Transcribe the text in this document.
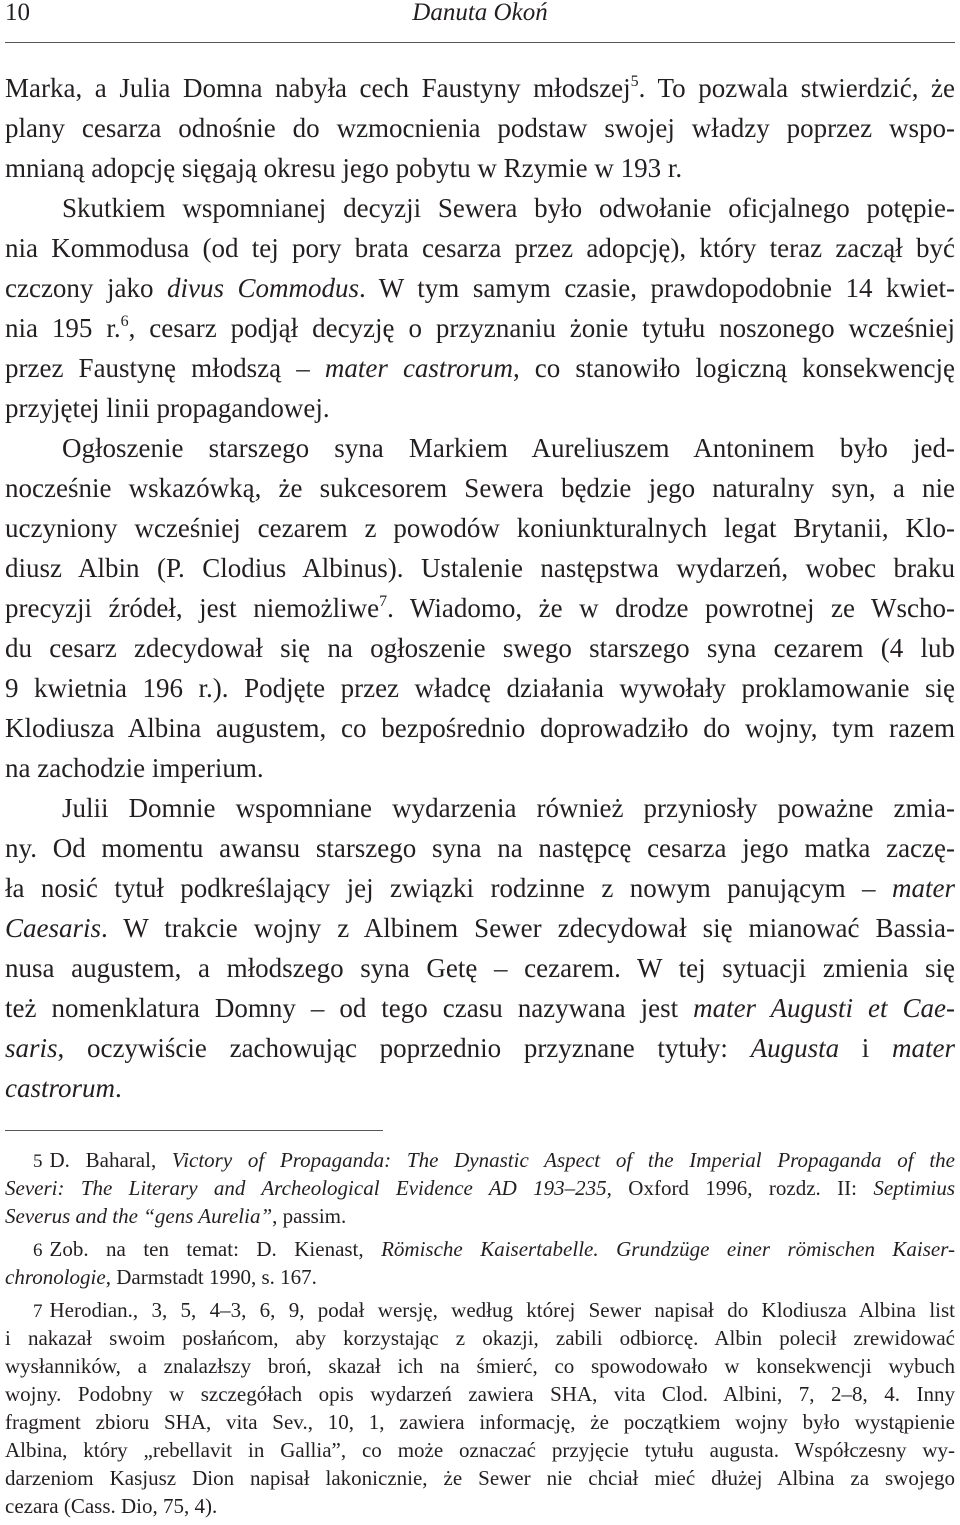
10	Danuta Okoń
Marka, a Julia Domna nabyła cech Faustyny młodszej$^5$. To pozwala stwierdzić, że
plany cesarza odnośnie do wzmocnienia podstaw swojej władzy poprzez wspo-
mnianą adopcję sięgają okresu jego pobytu w Rzymie w 193 r.
Skutkiem wspomnianej decyzji Sewera było odwołanie oficjalnego potępie-
nia Kommodusa (od tej pory brata cesarza przez adopcję), który teraz zaczął być
czczony jako divus Commodus. W tym samym czasie, prawdopodobnie 14 kwiet-
nia 195 r.$^6$, cesarz podjął decyzję o przyznaniu żonie tytułu noszonego wcześniej
przez Faustynę młodszą – mater castrorum, co stanowiło logiczną konsekwencję
przyjętej linii propagandowej.
Ogłoszenie starszego syna Markiem Aureliuszem Antoninem było jed-
nocześnie wskazówką, że sukcesorem Sewera będzie jego naturalny syn, a nie
uczyniony wcześniej cezarem z powodów koniunkturalnych legat Brytanii, Klo-
diusz Albin (P. Clodius Albinus). Ustalenie następstwa wydarzeń, wobec braku
precyzji źródeł, jest niemożliwe$^7$. Wiadomo, że w drodze powrotnej ze Wscho-
du cesarz zdecydował się na ogłoszenie swego starszego syna cezarem (4 lub
9 kwietnia 196 r.). Podjęte przez władcę działania wywołały proklamowanie się
Klodiusza Albina augustem, co bezpośrednio doprowadziło do wojny, tym razem
na zachodzie imperium.
Julii Domnie wspomniane wydarzenia również przyniosły poważne zmia-
ny. Od momentu awansu starszego syna na następcę cesarza jego matka zaczę-
ła nosić tytuł podkreślający jej związki rodzinne z nowym panującym – mater
Caesaris. W trakcie wojny z Albinem Sewer zdecydował się mianować Bassia-
nusa augustem, a młodszego syna Getę – cezarem. W tej sytuacji zmienia się
też nomenklatura Domny – od tego czasu nazywana jest mater Augusti et Cae-
saris, oczywiście zachowując poprzednio przyznane tytuły: Augusta i mater
castrorum.
5 D. Baharal, Victory of Propaganda: The Dynastic Aspect of the Imperial Propaganda of the
Severi: The Literary and Archeological Evidence AD 193–235, Oxford 1996, rozdz. II: Septimius
Severus and the “gens Aurelia”, passim.
6 Zob. na ten temat: D. Kienast, Römische Kaisertabelle. Grundzüge einer römischen Kaiser-
chronologie, Darmstadt 1990, s. 167.
7 Herodian., 3, 5, 4–3, 6, 9, podał wersję, według której Sewer napisał do Klodiusza Albina list
i nakazał swoim posłańcom, aby korzystając z okazji, zabili odbiorcę. Albin polecił zrewidować
wysłanników, a znalazłszy broń, skazał ich na śmierć, co spowodowało w konsekwencji wybuch
wojny. Podobny w szczegółach opis wydarzeń zawiera SHA, vita Clod. Albini, 7, 2–8, 4. Inny
fragment zbioru SHA, vita Sev., 10, 1, zawiera informację, że początkiem wojny było wystąpienie
Albina, który „rebellavit in Gallia”, co może oznaczać przyjęcie tytułu augusta. Współczesny wy-
darzeniom Kasjusz Dion napisał lakonicznie, że Sewer nie chciał mieć dłużej Albina za swojego
cezara (Cass. Dio, 75, 4).
